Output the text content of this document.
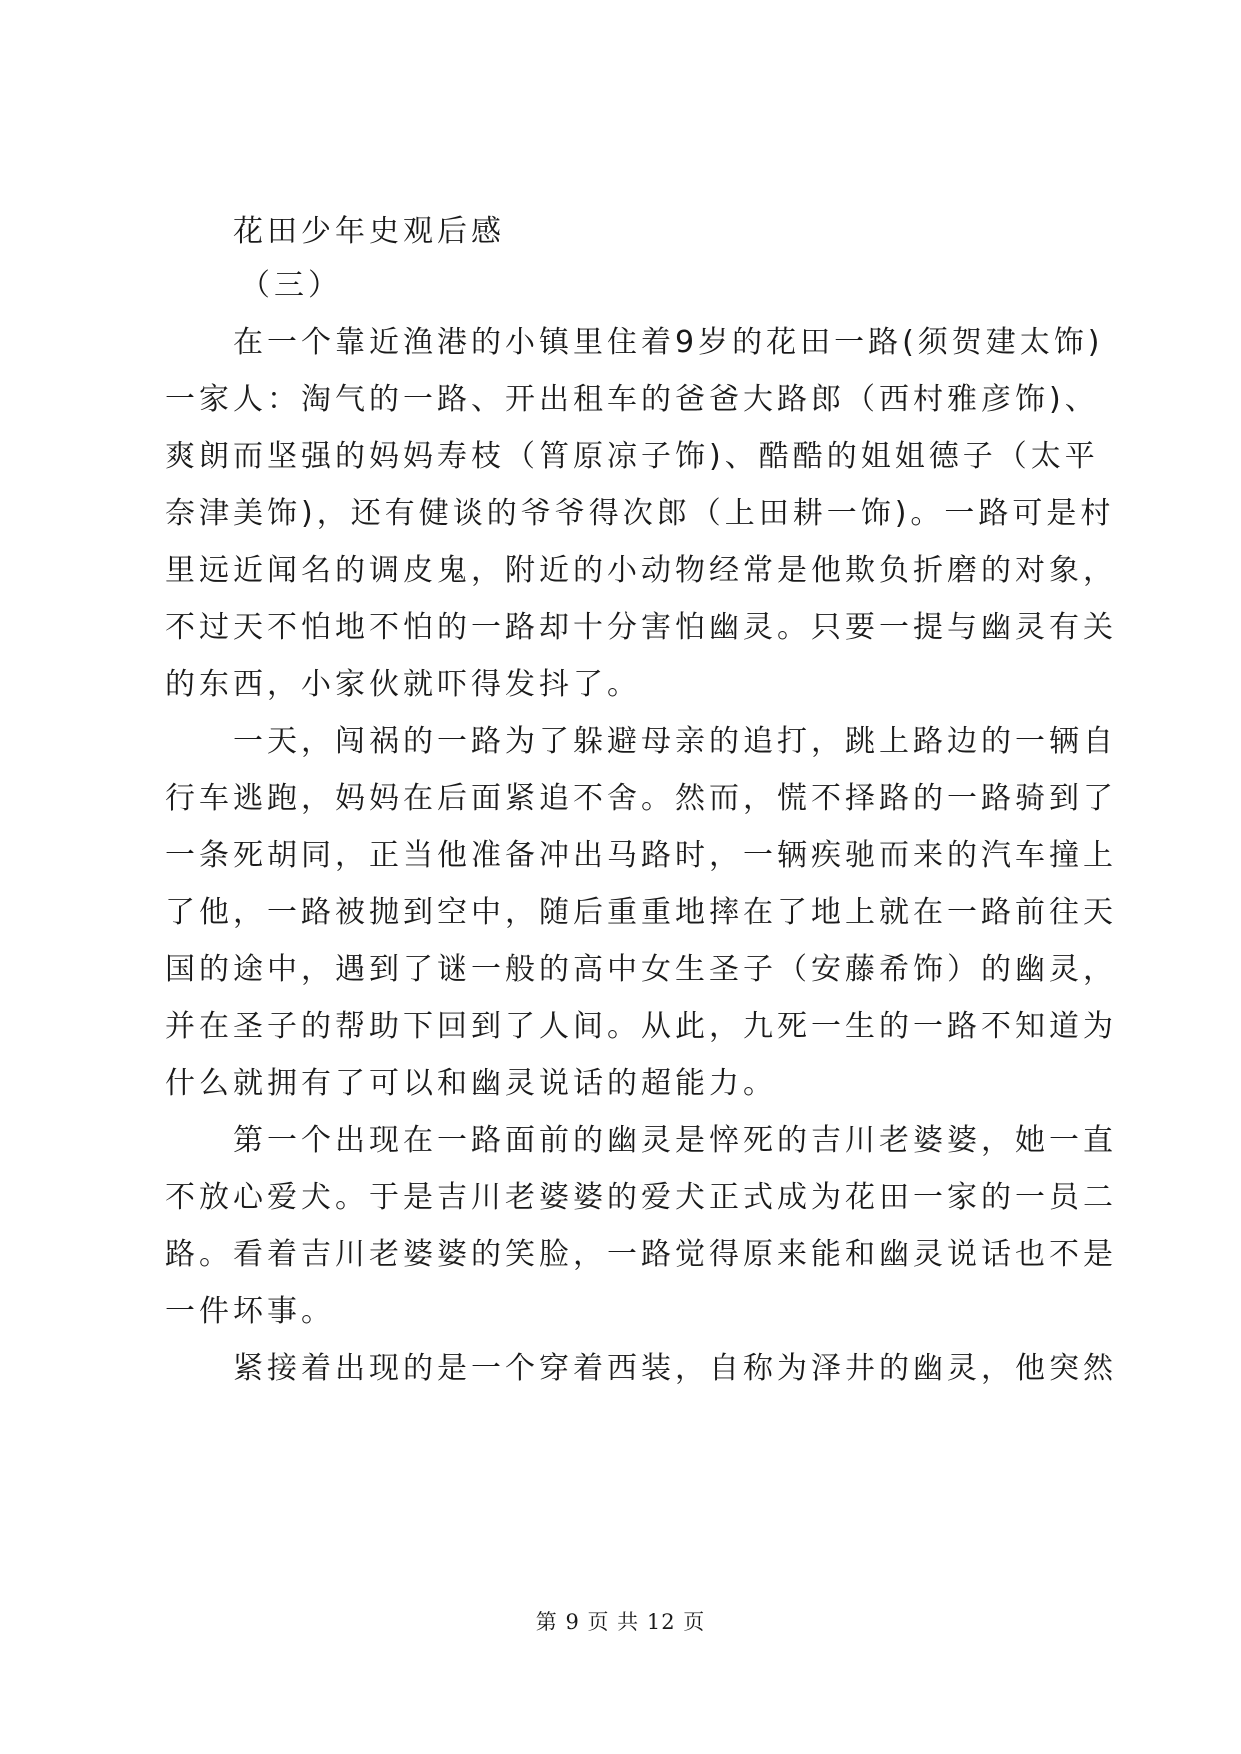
花田少年史观后感
（三）
在一个靠近渔港的小镇里住着9岁的花田一路(须贺建太饰)
一家人：淘气的一路、开出租车的爸爸大路郎（西村雅彦饰)、
爽朗而坚强的妈妈寿枝（筲原凉子饰)、酷酷的姐姐德子（太平
奈津美饰)，还有健谈的爷爷得次郎（上田耕一饰)。一路可是村
里远近闻名的调皮鬼，附近的小动物经常是他欺负折磨的对象，
不过天不怕地不怕的一路却十分害怕幽灵。只要一提与幽灵有关
的东西，小家伙就吓得发抖了。
一天，闯祸的一路为了躲避母亲的追打，跳上路边的一辆自
行车逃跑，妈妈在后面紧追不舍。然而，慌不择路的一路骑到了
一条死胡同，正当他准备冲出马路时，一辆疾驰而来的汽车撞上
了他，一路被抛到空中，随后重重地摔在了地上就在一路前往天
国的途中，遇到了谜一般的高中女生圣子（安藤希饰）的幽灵，
并在圣子的帮助下回到了人间。从此，九死一生的一路不知道为
什么就拥有了可以和幽灵说话的超能力。
第一个出现在一路面前的幽灵是悴死的吉川老婆婆，她一直
不放心爱犬。于是吉川老婆婆的爱犬正式成为花田一家的一员二
路。看着吉川老婆婆的笑脸，一路觉得原来能和幽灵说话也不是
一件坏事。
紧接着出现的是一个穿着西装，自称为泽井的幽灵，他突然
第 9 页 共 12 页
